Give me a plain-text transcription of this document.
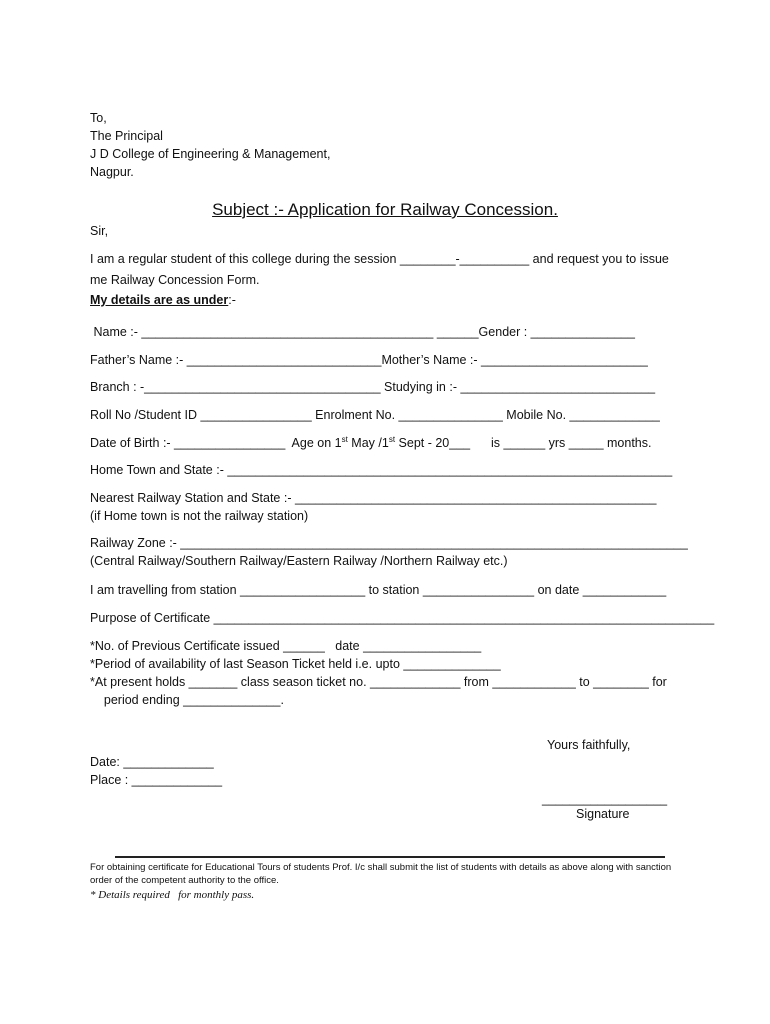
To,
The Principal
J D College of Engineering & Management,
Nagpur.
Subject :- Application for Railway Concession.
Sir,
I am a regular student of this college during the session ________-__________ and request you to issue
me Railway Concession Form.
My details are as under:-
Name :- __________________________________________ ______Gender : _______________
Father’s Name :- ____________________________Mother’s Name :- ________________________
Branch : -__________________________________ Studying in :- ____________________________
Roll No /Student ID ________________ Enrolment No. _______________ Mobile No. _____________
Date of Birth :- ________________  Age on 1st May /1st Sept - 20___      is ______ yrs _____ months.
Home Town and State :- ________________________________________________________________
Nearest Railway Station and State :- ____________________________________________________
(if Home town is not the railway station)
Railway Zone :- _________________________________________________________________________
(Central Railway/Southern Railway/Eastern Railway /Northern Railway etc.)
I am travelling from station __________________ to station ________________ on date ____________
Purpose of Certificate ________________________________________________________________________
*No. of Previous Certificate issued ______   date _________________
*Period of availability of last Season Ticket held i.e. upto ______________
*At present holds _______ class season ticket no. _____________ from ____________ to ________ for
period ending ______________.
Yours faithfully,
Date: _____________
Place : _____________
__________________
Signature
For obtaining certificate for Educational Tours of students Prof. I/c shall submit the list of students with details as above along with sanction order of the competent authority to the office.
* Details required   for monthly pass.
